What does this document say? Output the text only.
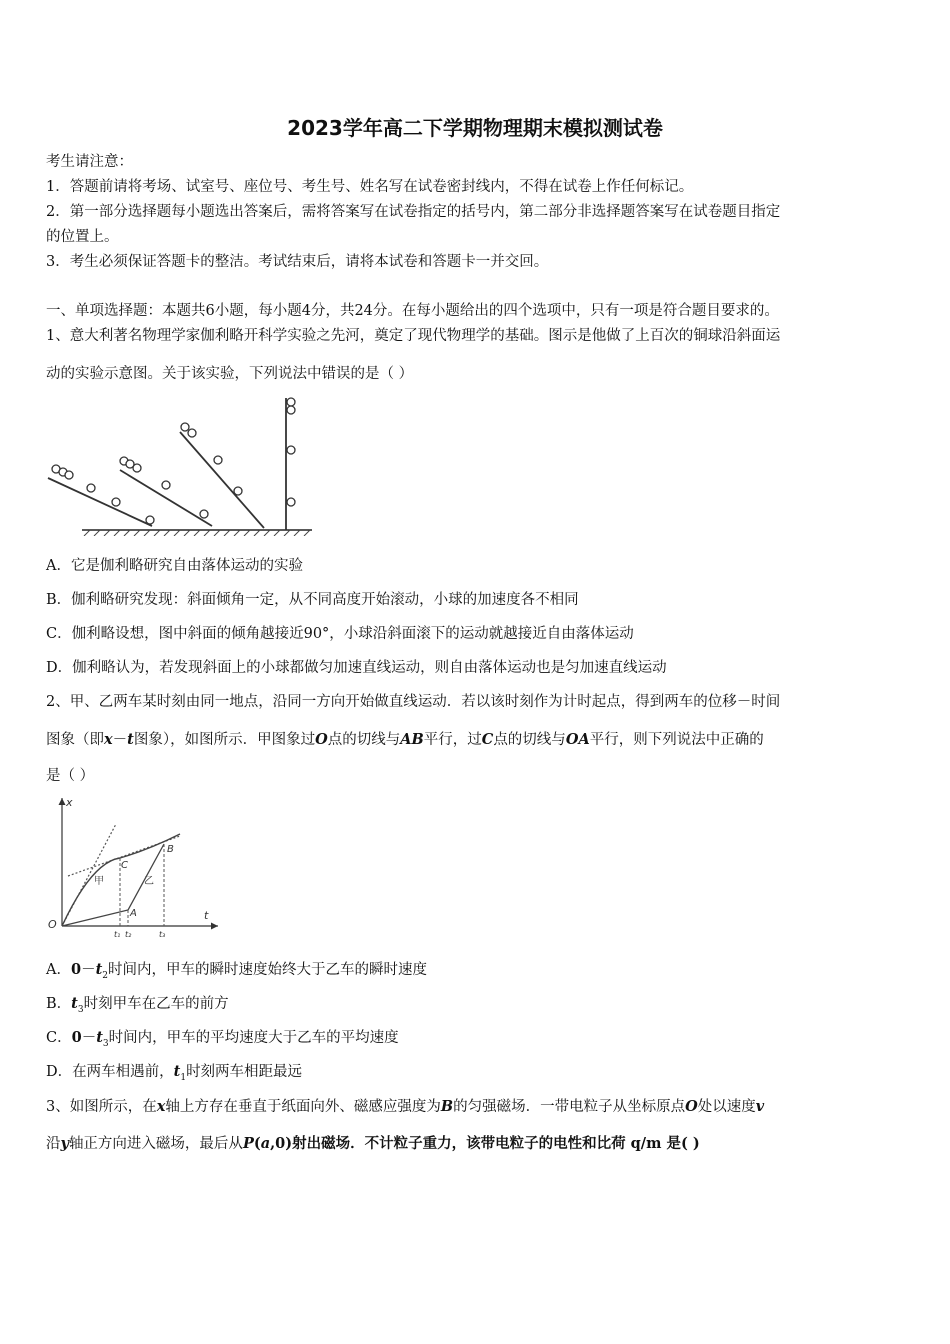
2023学年高二下学期物理期末模拟测试卷
考生请注意：
1．答题前请将考场、试室号、座位号、考生号、姓名写在试卷密封线内，不得在试卷上作任何标记。
2．第一部分选择题每小题选出答案后，需将答案写在试卷指定的括号内，第二部分非选择题答案写在试卷题目指定
的位置上。
3．考生必须保证答题卡的整洁。考试结束后，请将本试卷和答题卡一并交回。
一、单项选择题：本题共6小题，每小题4分，共24分。在每小题给出的四个选项中，只有一项是符合题目要求的。
1、意大利著名物理学家伽利略开科学实验之先河，奠定了现代物理学的基础。图示是他做了上百次的铜球沿斜面运
动的实验示意图。关于该实验，下列说法中错误的是（ ）
A．它是伽利略研究自由落体运动的实验
B．伽利略研究发现：斜面倾角一定，从不同高度开始滚动，小球的加速度各不相同
C．伽利略设想，图中斜面的倾角越接近90°，小球沿斜面滚下的运动就越接近自由落体运动
D．伽利略认为，若发现斜面上的小球都做匀加速直线运动，则自由落体运动也是匀加速直线运动
2、甲、乙两车某时刻由同一地点，沿同一方向开始做直线运动．若以该时刻作为计时起点，得到两车的位移－时间
图象（即x－t图象），如图所示．甲图象过O点的切线与AB平行，过C点的切线与OA平行，则下列说法中正确的
是（ ）
x
t
O
C
B
A
甲	乙
t₁ t₂	t₃
A．$0-t_2$时间内，甲车的瞬时速度始终大于乙车的瞬时速度
B．$t_3$时刻甲车在乙车的前方
C．$0-t_3$时间内，甲车的平均速度大于乙车的平均速度
D．在两车相遇前，$t_1$时刻两车相距最远
3、如图所示，在x轴上方存在垂直于纸面向外、磁感应强度为B的匀强磁场．一带电粒子从坐标原点O处以速度v
沿y轴正方向进入磁场，最后从P(a,0)射出磁场．不计粒子重力，该带电粒子的电性和比荷 q/m 是( )
